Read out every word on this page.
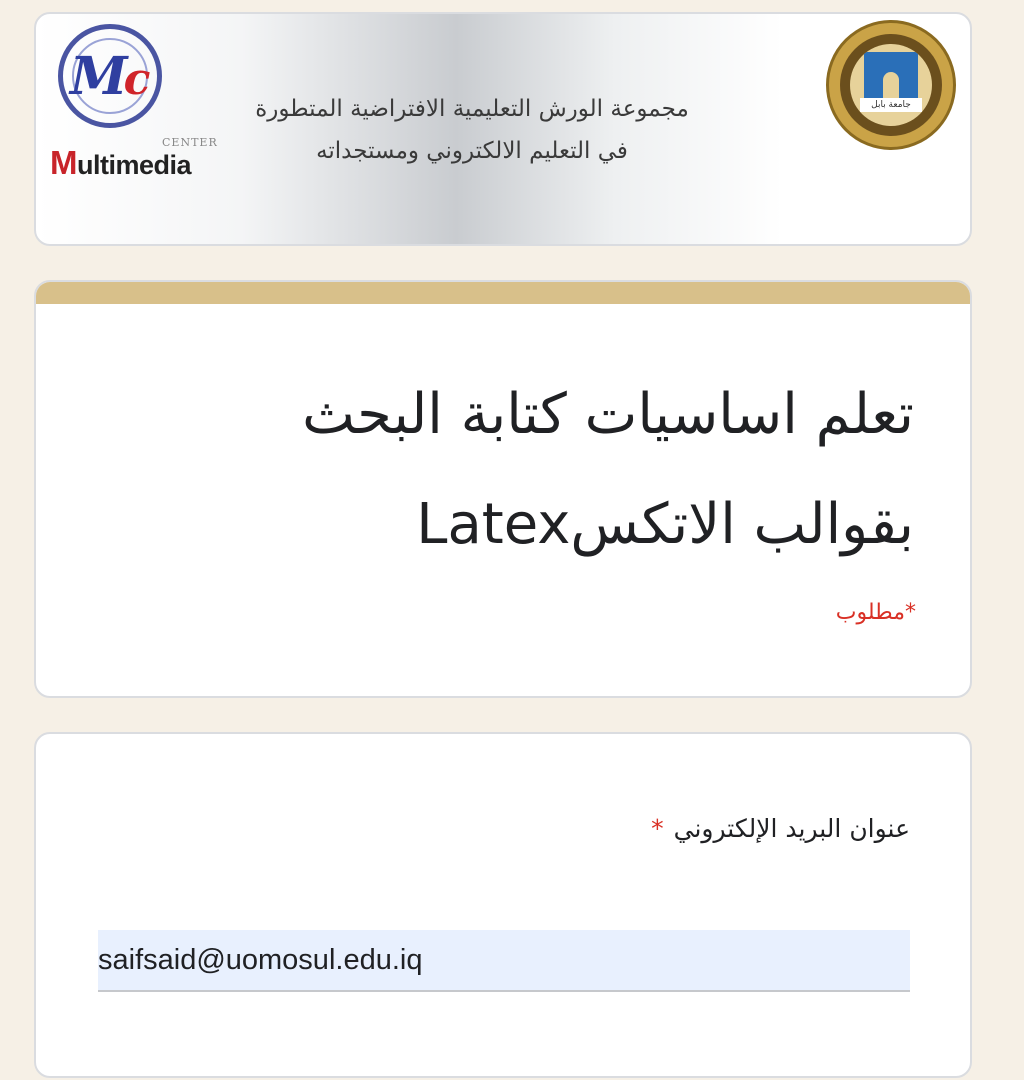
Mc
CENTER
Multimedia
مجموعة الورش التعليمية الافتراضية المتطورة
في التعليم الالكتروني ومستجداته
جامعة بابل
تعلم اساسيات كتابة البحث
بقوالب الاتكسLatex
*مطلوب
عنوان البريد الإلكتروني*
saifsaid@uomosul.edu.iq
